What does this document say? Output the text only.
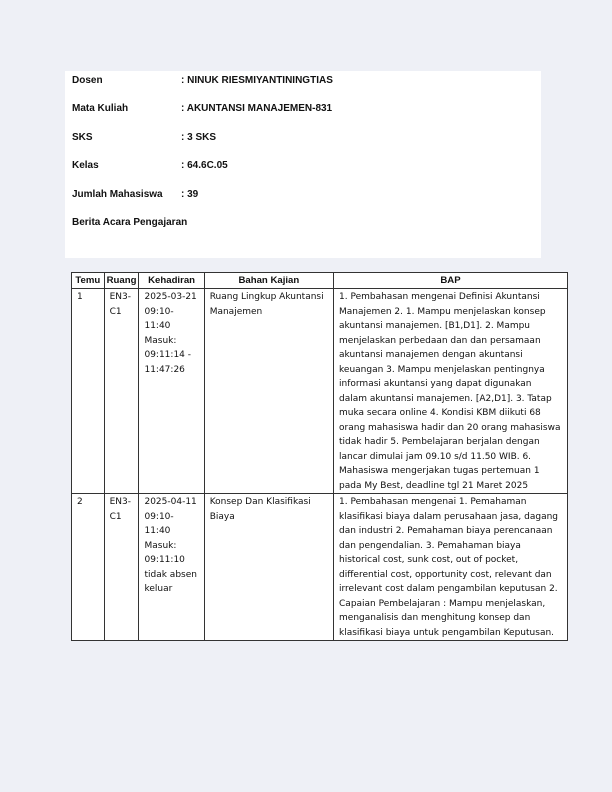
Dosen	: NINUK RIESMIYANTININGTIAS
Mata Kuliah	: AKUNTANSI MANAJEMEN-831
SKS	: 3 SKS
Kelas	: 64.6C.05
Jumlah Mahasiswa : 39
Berita Acara Pengajaran
Temu	Ruang	Kehadiran	Bahan Kajian	BAP
1	EN3-C1	2025-03-21 09:10-11:40 Masuk: 09:11:14 - 11:47:26	Ruang Lingkup Akuntansi Manajemen	1. Pembahasan mengenai Definisi Akuntansi Manajemen 2. 1. Mampu menjelaskan konsep akuntansi manajemen. [B1,D1]. 2. Mampu menjelaskan perbedaan dan dan persamaan akuntansi manajemen dengan akuntansi keuangan 3. Mampu menjelaskan pentingnya informasi akuntansi yang dapat digunakan dalam akuntansi manajemen. [A2,D1]. 3. Tatap muka secara online 4. Kondisi KBM diikuti 68 orang mahasiswa hadir dan 20 orang mahasiswa tidak hadir 5. Pembelajaran berjalan dengan lancar dimulai jam 09.10 s/d 11.50 WIB. 6. Mahasiswa mengerjakan tugas pertemuan 1 pada My Best, deadline tgl 21 Maret 2025
2	EN3-C1	2025-04-11 09:10-11:40 Masuk: 09:11:10 tidak absen keluar	Konsep Dan Klasifikasi Biaya	1. Pembahasan mengenai 1. Pemahaman klasifikasi biaya dalam perusahaan jasa, dagang dan industri 2. Pemahaman biaya perencanaan dan pengendalian. 3. Pemahaman biaya historical cost, sunk cost, out of pocket, differential cost, opportunity cost, relevant dan irrelevant cost dalam pengambilan keputusan 2. Capaian Pembelajaran : Mampu menjelaskan, menganalisis dan menghitung konsep dan klasifikasi biaya untuk pengambilan Keputusan.
